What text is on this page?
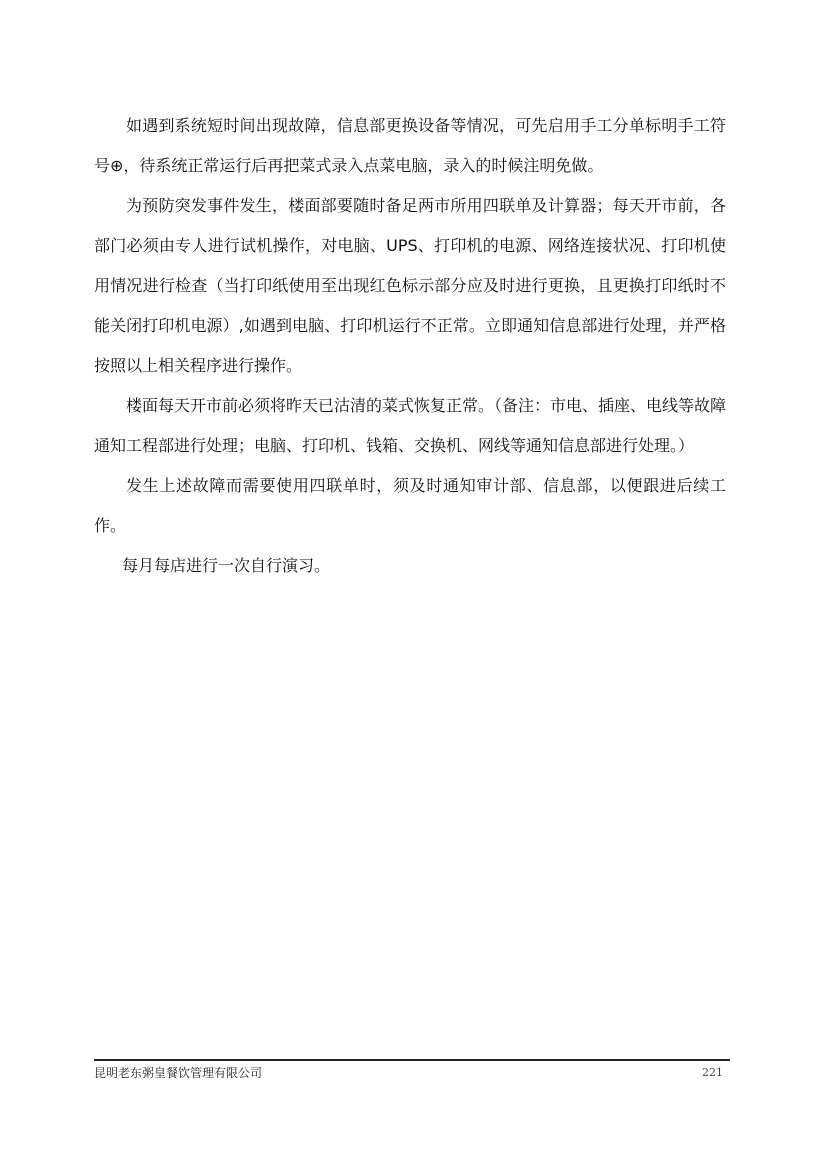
如遇到系统短时间出现故障，信息部更换设备等情况，可先启用手工分单标明手工符号⊕，待系统正常运行后再把菜式录入点菜电脑，录入的时候注明免做。

为预防突发事件发生，楼面部要随时备足两市所用四联单及计算器；每天开市前，各部门必须由专人进行试机操作，对电脑、UPS、打印机的电源、网络连接状况、打印机使用情况进行检查（当打印纸使用至出现红色标示部分应及时进行更换，且更换打印纸时不能关闭打印机电源）,如遇到电脑、打印机运行不正常。立即通知信息部进行处理，并严格按照以上相关程序进行操作。

楼面每天开市前必须将昨天已沽清的菜式恢复正常。（备注：市电、插座、电线等故障通知工程部进行处理；电脑、打印机、钱箱、交换机、网线等通知信息部进行处理。）

发生上述故障而需要使用四联单时，须及时通知审计部、信息部，以便跟进后续工作。

每月每店进行一次自行演习。

昆明老东粥皇餐饮管理有限公司	221
